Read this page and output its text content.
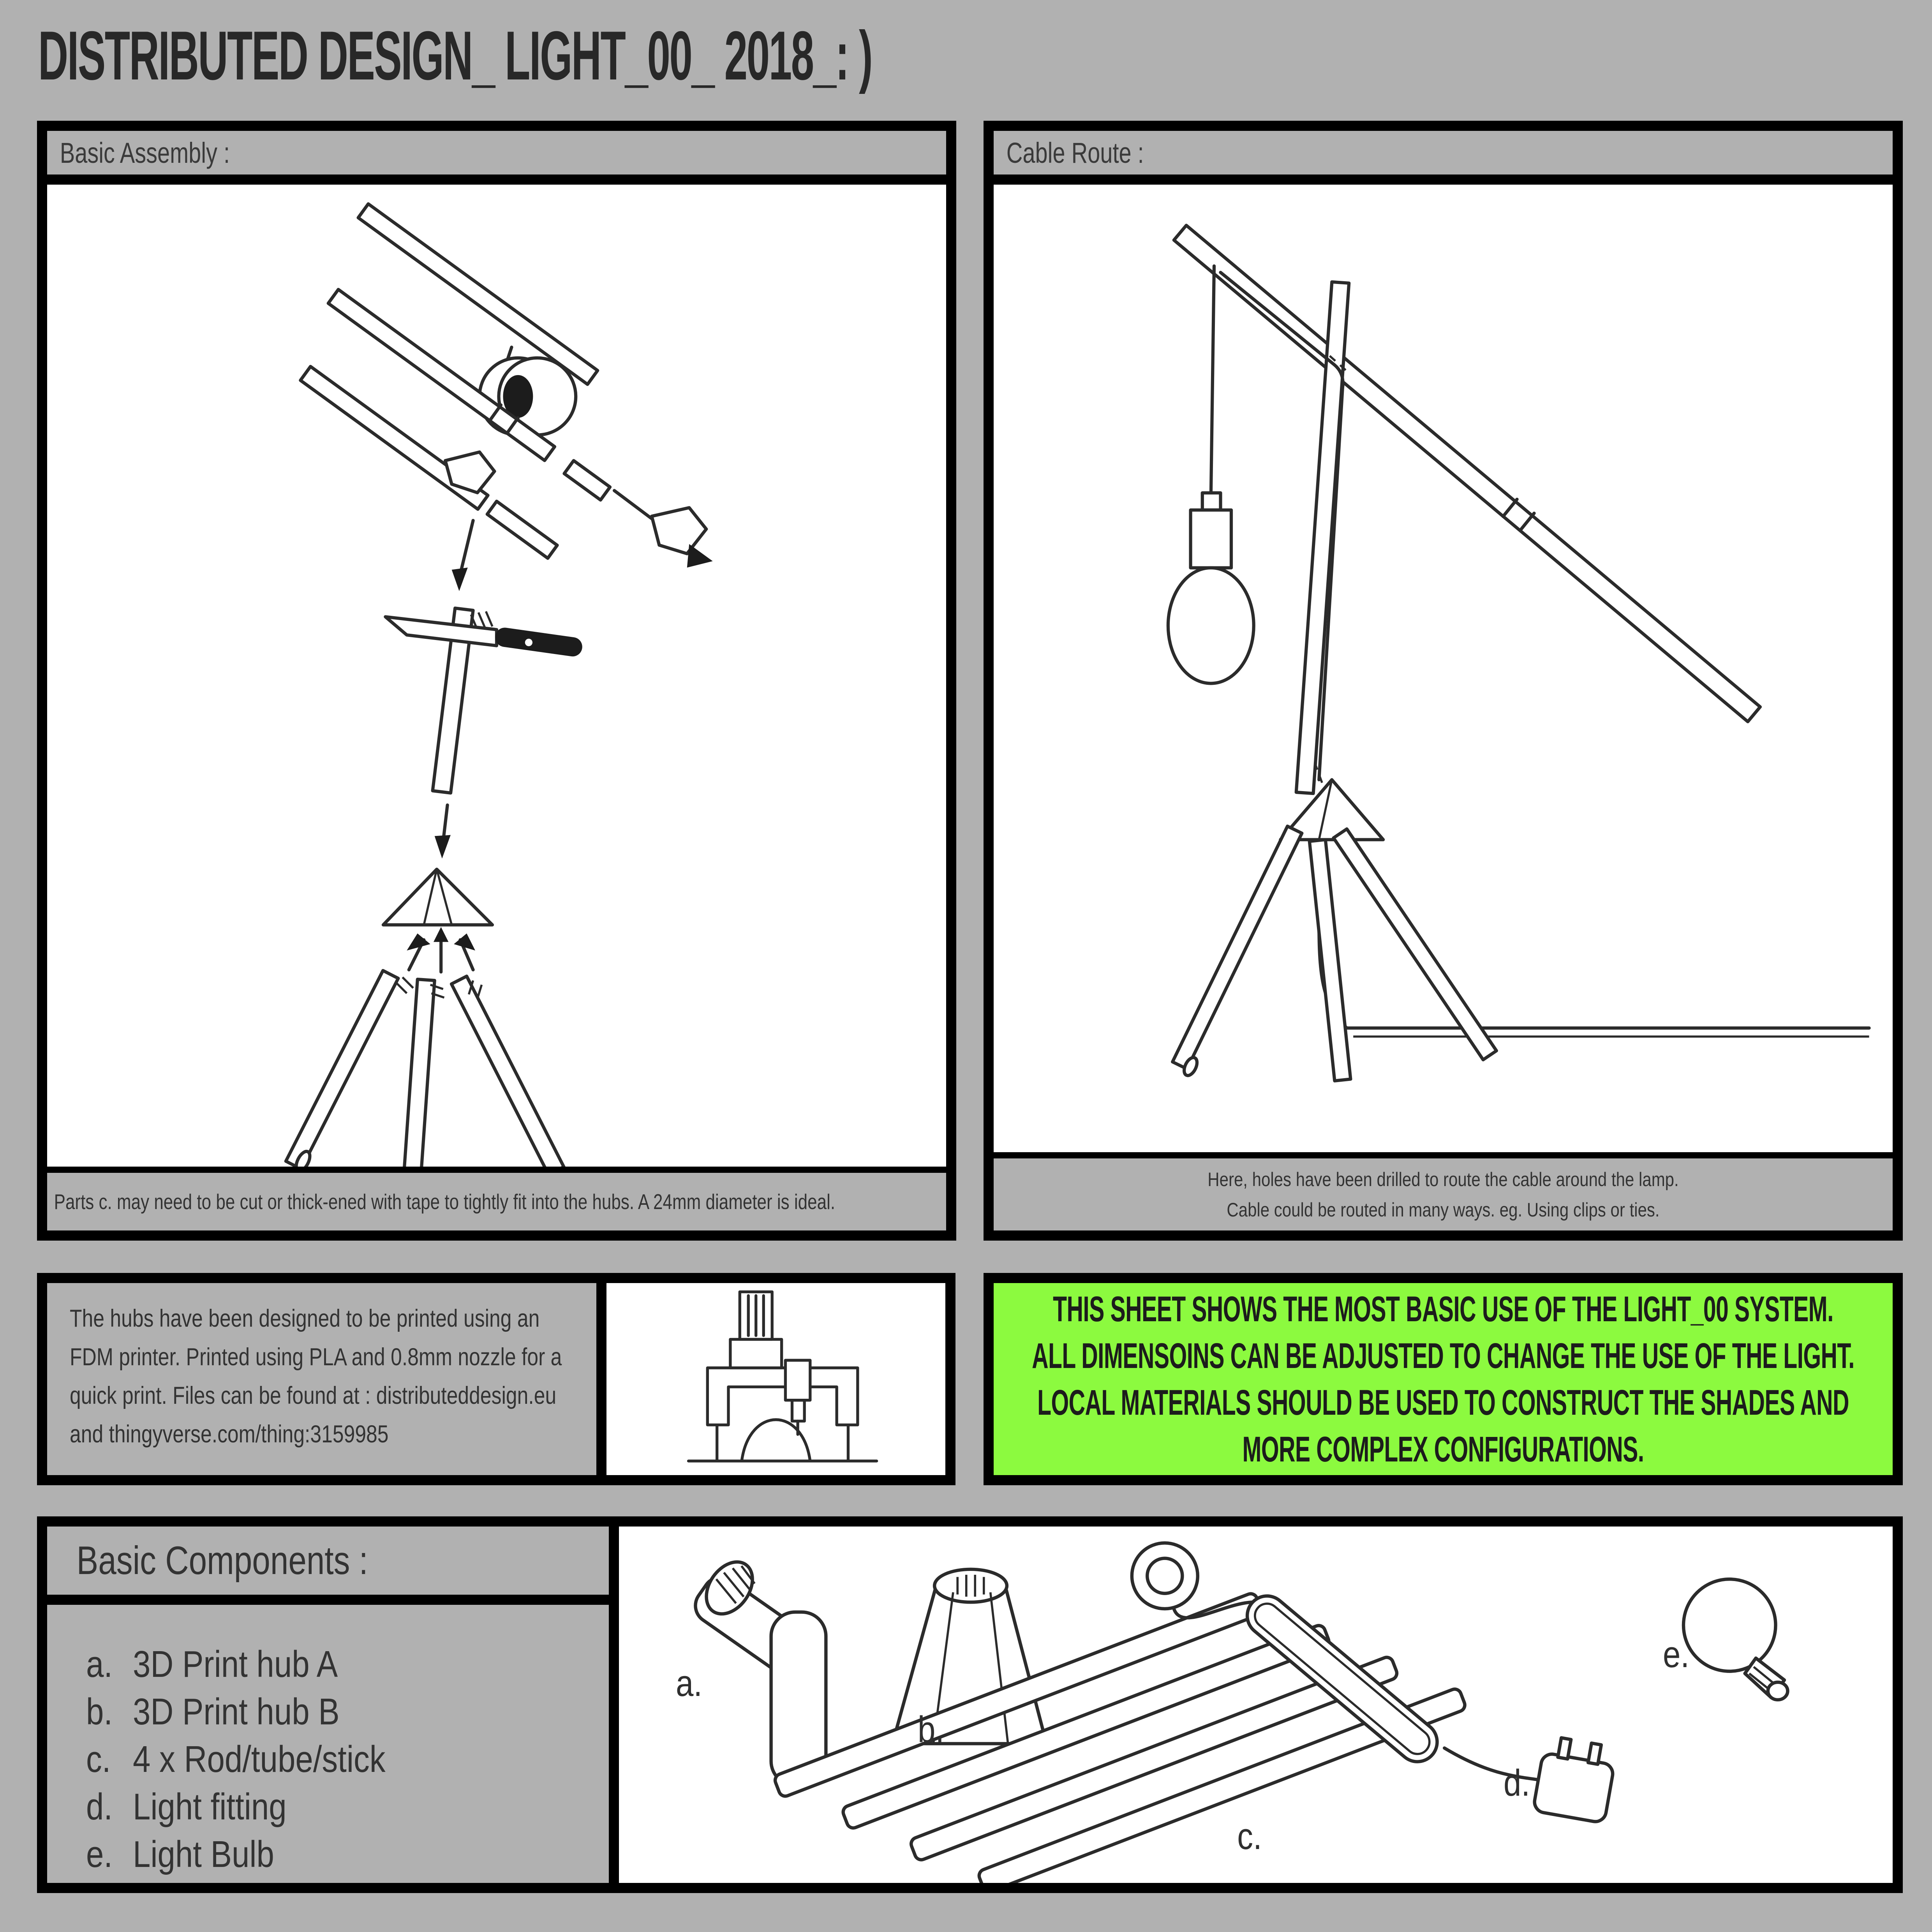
DISTRIBUTED DESIGN_ LIGHT_00_ 2018_: )
Basic Assembly :
Parts c. may need to be cut or thick-ened with tape to tightly fit into the hubs. A 24mm diameter is ideal.
Cable Route :
Here, holes have been drilled to route the cable around the lamp.
Cable could be routed in many ways. eg. Using clips or ties.
The hubs have been designed to be printed using an FDM printer. Printed using PLA and 0.8mm nozzle for a quick print. Files can be found at : distributeddesign.eu and thingyverse.com/thing:3159985
THIS SHEET SHOWS THE MOST BASIC USE OF THE LIGHT_00 SYSTEM.
ALL DIMENSOINS CAN BE ADJUSTED TO CHANGE THE USE OF THE LIGHT.
LOCAL MATERIALS SHOULD BE USED TO CONSTRUCT THE SHADES AND
MORE COMPLEX CONFIGURATIONS.
Basic Components :
a. 3D Print hub A
b. 3D Print hub B
c. 4 x Rod/tube/stick
d. Light fitting
e. Light Bulb
a.
b.
c.
d.
e.
